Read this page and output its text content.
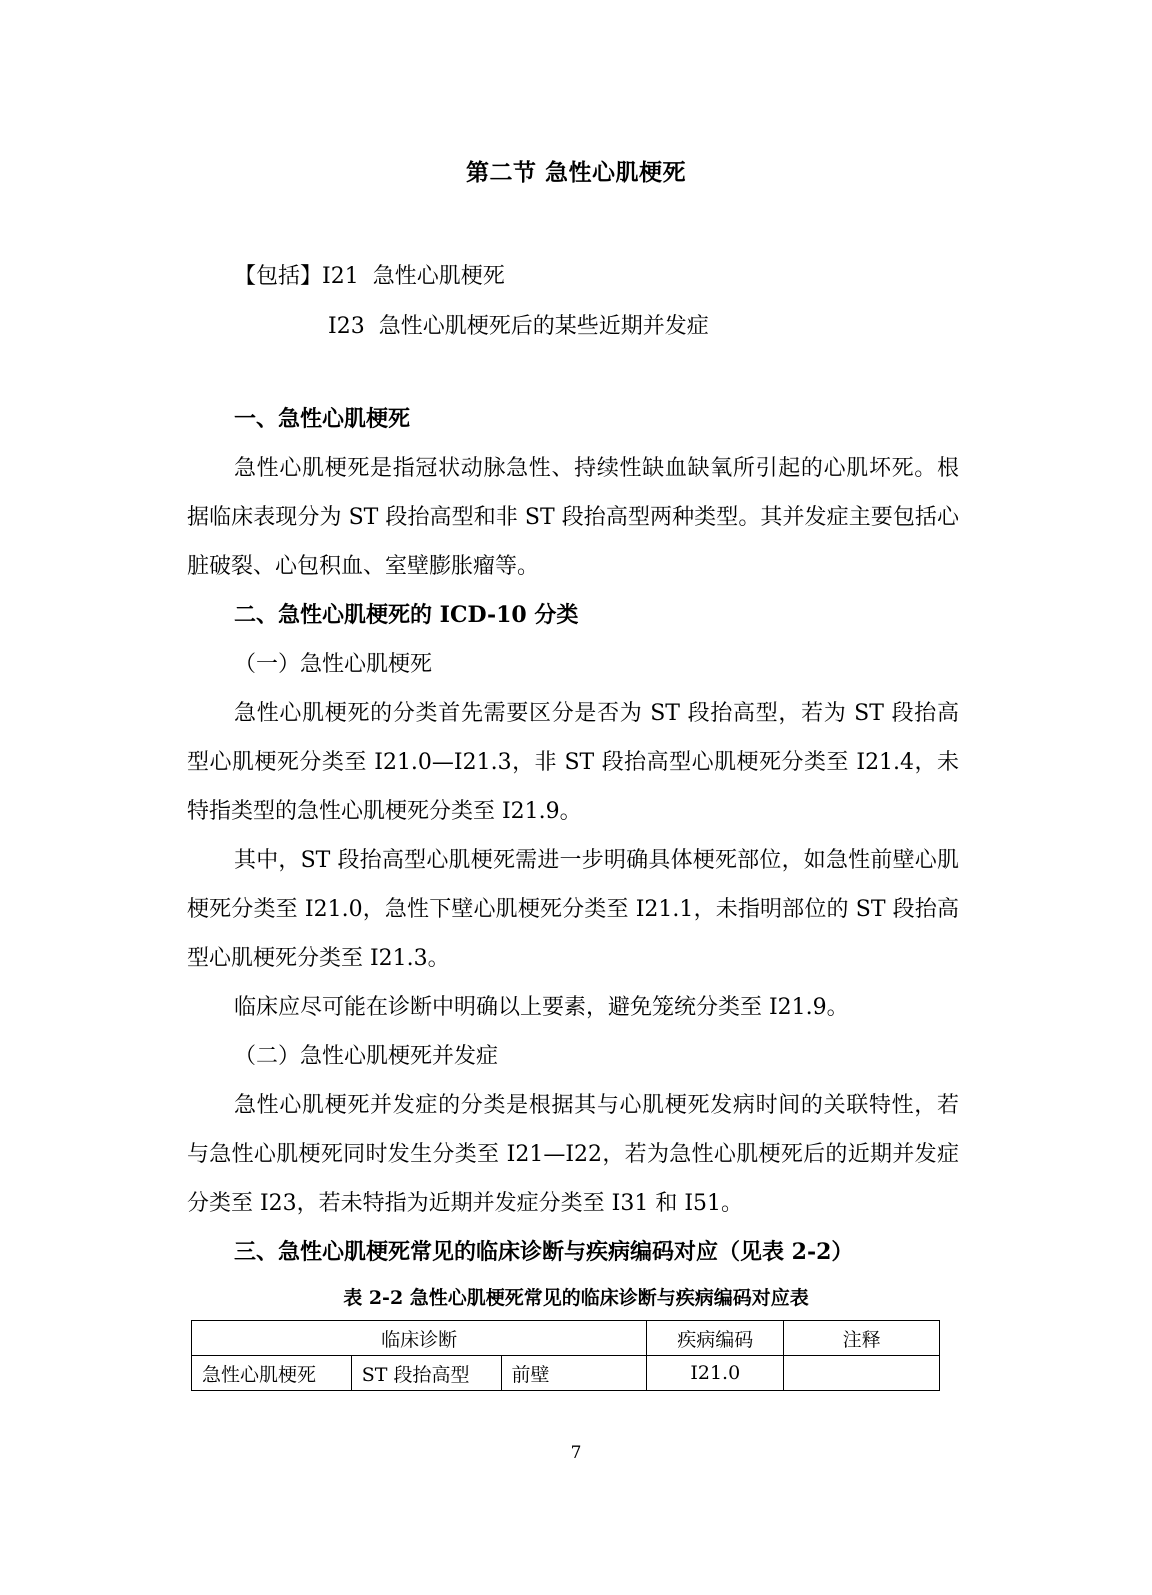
第二节 急性心肌梗死
【包括】I21 急性心肌梗死
I23 急性心肌梗死后的某些近期并发症

一、急性心肌梗死

急性心肌梗死是指冠状动脉急性、持续性缺血缺氧所引起的心肌坏死。根据临床表现分为 ST 段抬高型和非 ST 段抬高型两种类型。其并发症主要包括心脏破裂、心包积血、室壁膨胀瘤等。

二、急性心肌梗死的 ICD-10 分类

（一）急性心肌梗死

急性心肌梗死的分类首先需要区分是否为 ST 段抬高型，若为 ST 段抬高型心肌梗死分类至 I21.0—I21.3，非 ST 段抬高型心肌梗死分类至 I21.4，未特指类型的急性心肌梗死分类至 I21.9。

其中，ST 段抬高型心肌梗死需进一步明确具体梗死部位，如急性前壁心肌梗死分类至 I21.0，急性下壁心肌梗死分类至 I21.1，未指明部位的 ST 段抬高型心肌梗死分类至 I21.3。

临床应尽可能在诊断中明确以上要素，避免笼统分类至 I21.9。

（二）急性心肌梗死并发症

急性心肌梗死并发症的分类是根据其与心肌梗死发病时间的关联特性，若与急性心肌梗死同时发生分类至 I21—I22，若为急性心肌梗死后的近期并发症分类至 I23，若未特指为近期并发症分类至 I31 和 I51。

三、急性心肌梗死常见的临床诊断与疾病编码对应（见表 2-2）

表 2-2 急性心肌梗死常见的临床诊断与疾病编码对应表
临床诊断			疾病编码	注释
急性心肌梗死	ST 段抬高型	前壁	I21.0	
7
